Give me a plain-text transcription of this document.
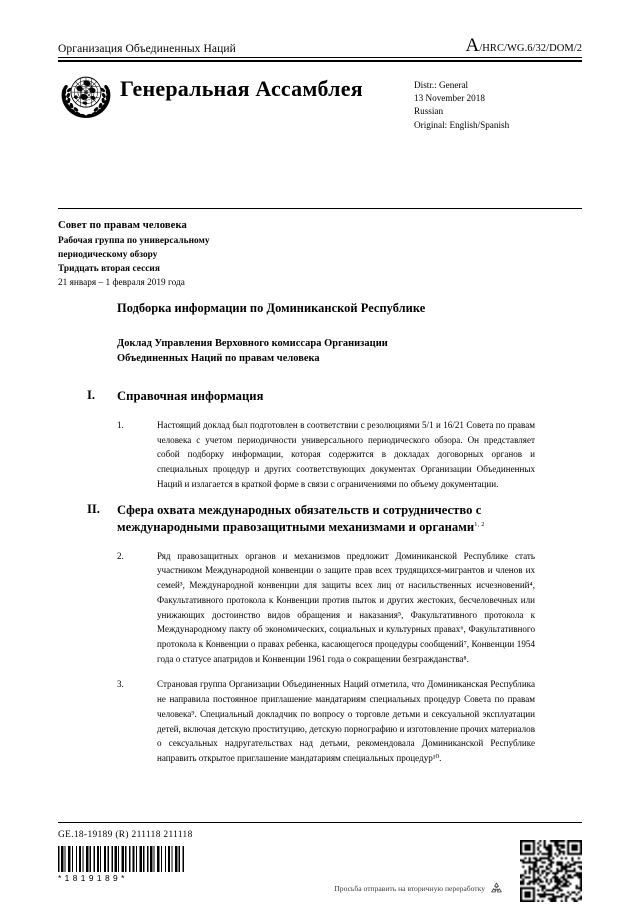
Организация Объединенных Наций	A /HRC/WG.6/32/DOM/2
Генеральная Ассамблея	Distr.: General
13 November 2018
Russian
Original: English/Spanish
Совет по правам человека
Рабочая группа по универсальному
периодическому обзору
Тридцать вторая сессия
21 января – 1 февраля 2019 года
Подборка информации по Доминиканской Республике
Доклад Управления Верховного комиссара Организации
Объединенных Наций по правам человека
I.	Справочная информация
1.	Настоящий доклад был подготовлен в соответствии с резолюциями 5/1 и 16/21 Совета по правам человека с учетом периодичности универсального периодического обзора. Он представляет собой подборку информации, которая содержится в докладах договорных органов и специальных процедур и других соответствующих документах Организации Объединенных Наций и излагается в краткой форме в связи с ограничениями по объему документации.
II.	Сфера охвата международных обязательств и сотрудничество с международными правозащитными механизмами и органами$^{1, 2}$
2.	Ряд правозащитных органов и механизмов предложит Доминиканской Республике стать участником Международной конвенции о защите прав всех трудящихся-мигрантов и членов их семей³, Международной конвенции для защиты всех лиц от насильственных исчезновений⁴, Факультативного протокола к Конвенции против пыток и других жестоких, бесчеловечных или унижающих достоинство видов обращения и наказания⁵, Факультативного протокола к Международному пакту об экономических, социальных и культурных правах⁶, Факультативного протокола к Конвенции о правах ребенка, касающегося процедуры сообщений⁷, Конвенции 1954 года о статусе апатридов и Конвенции 1961 года о сокращении безгражданства⁸.
3.	Страновая группа Организации Объединенных Наций отметила, что Доминиканская Республика не направила постоянное приглашение мандатариям специальных процедур Совета по правам человека⁹. Специальный докладчик по вопросу о торговле детьми и сексуальной эксплуатации детей, включая детскую проституцию, детскую порнографию и изготовление прочих материалов о сексуальных надругательствах над детьми, рекомендовала Доминиканской Республике направить открытое приглашение мандатариям специальных процедур¹⁰.
GE.18-19189 (R) 211118 211118
*1819189*
Просьба отправить на вторичную переработку
